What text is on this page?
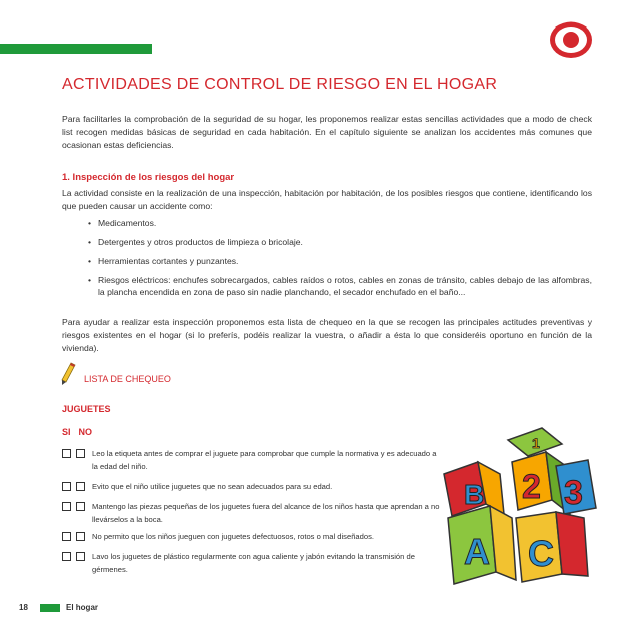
ACTIVIDADES DE CONTROL DE RIESGO EN EL HOGAR
Para facilitarles la comprobación de la seguridad de su hogar, les proponemos realizar estas sencillas actividades que a modo de check list recogen medidas básicas de seguridad en cada habitación. En el capítulo siguiente se analizan los accidentes más comunes que ocasionan estas deficiencias.
1. Inspección de los riesgos del hogar
La actividad consiste en la realización de una inspección, habitación por habitación, de los posibles riesgos que contiene, identificando los que pueden causar un accidente como:
• Medicamentos.
• Detergentes y otros productos de limpieza o bricolaje.
• Herramientas cortantes y punzantes.
• Riesgos eléctricos: enchufes sobrecargados, cables raídos o rotos, cables en zonas de tránsito, cables debajo de las alfombras, la plancha encendida en zona de paso sin nadie planchando, el secador enchufado en el baño...
Para ayudar a realizar esta inspección proponemos esta lista de chequeo en la que se recogen las principales actitudes preventivas y riesgos existentes en el hogar (si lo preferís, podéis realizar la vuestra, o añadir a ésta lo que consideréis oportuno en función de la vivienda).
LISTA DE CHEQUEO
JUGUETES
SI NO
Leo la etiqueta antes de comprar el juguete para comprobar que cumple la normativa y es adecuado a la edad del niño.
Evito que el niño utilice juguetes que no sean adecuados para su edad.
Mantengo las piezas pequeñas de los juguetes fuera del alcance de los niños hasta que aprendan a no llevárselos a la boca.
No permito que los niños jueguen con juguetes defectuosos, rotos o mal diseñados.
Lavo los juguetes de plástico regularmente con agua caliente y jabón evitando la transmisión de gérmenes.
B
A C
1
2 3
18	El hogar
